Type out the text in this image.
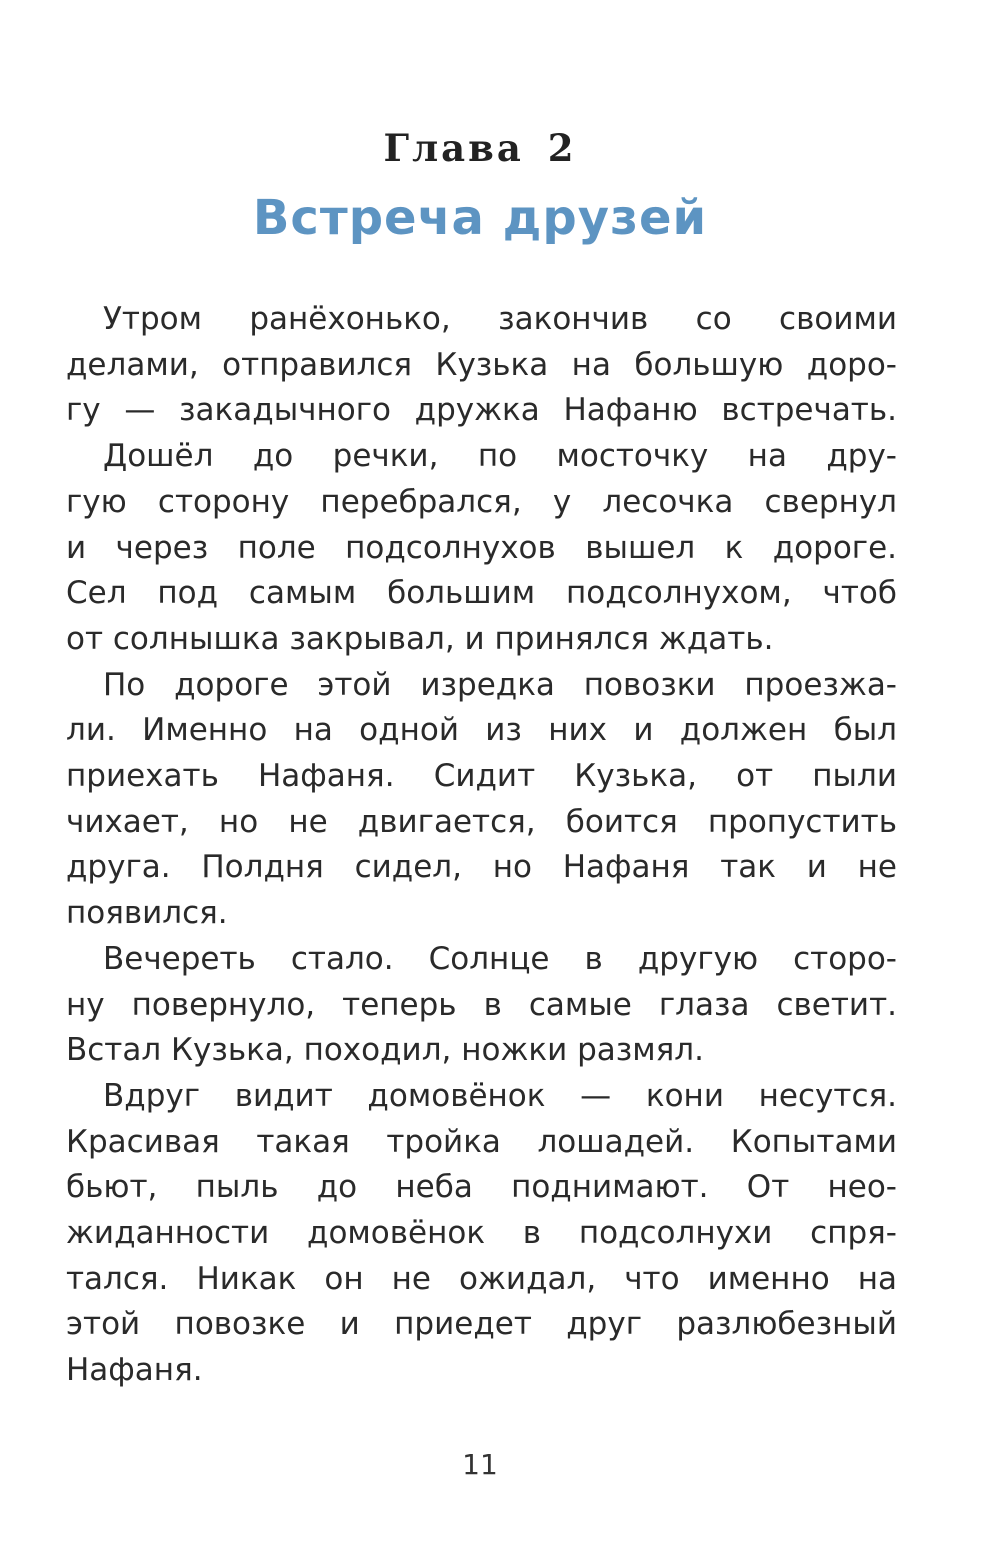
Глава 2
Встреча друзей
Утром ранёхонько, закончив со своими
делами, отправился Кузька на большую доро-
гу — закадычного дружка Нафаню встречать.
Дошёл до речки, по мосточку на дру-
гую сторону перебрался, у лесочка свернул
и через поле подсолнухов вышел к дороге.
Сел под самым большим подсолнухом, чтоб
от солнышка закрывал, и принялся ждать.
По дороге этой изредка повозки проезжа-
ли. Именно на одной из них и должен был
приехать Нафаня. Сидит Кузька, от пыли
чихает, но не двигается, боится пропустить
друга. Полдня сидел, но Нафаня так и не
появился.
Вечереть стало. Солнце в другую сторо-
ну повернуло, теперь в самые глаза светит.
Встал Кузька, походил, ножки размял.
Вдруг видит домовёнок — кони несутся.
Красивая такая тройка лошадей. Копытами
бьют, пыль до неба поднимают. От нео-
жиданности домовёнок в подсолнухи спря-
тался. Никак он не ожидал, что именно на
этой повозке и приедет друг разлюбезный
Нафаня.
11
